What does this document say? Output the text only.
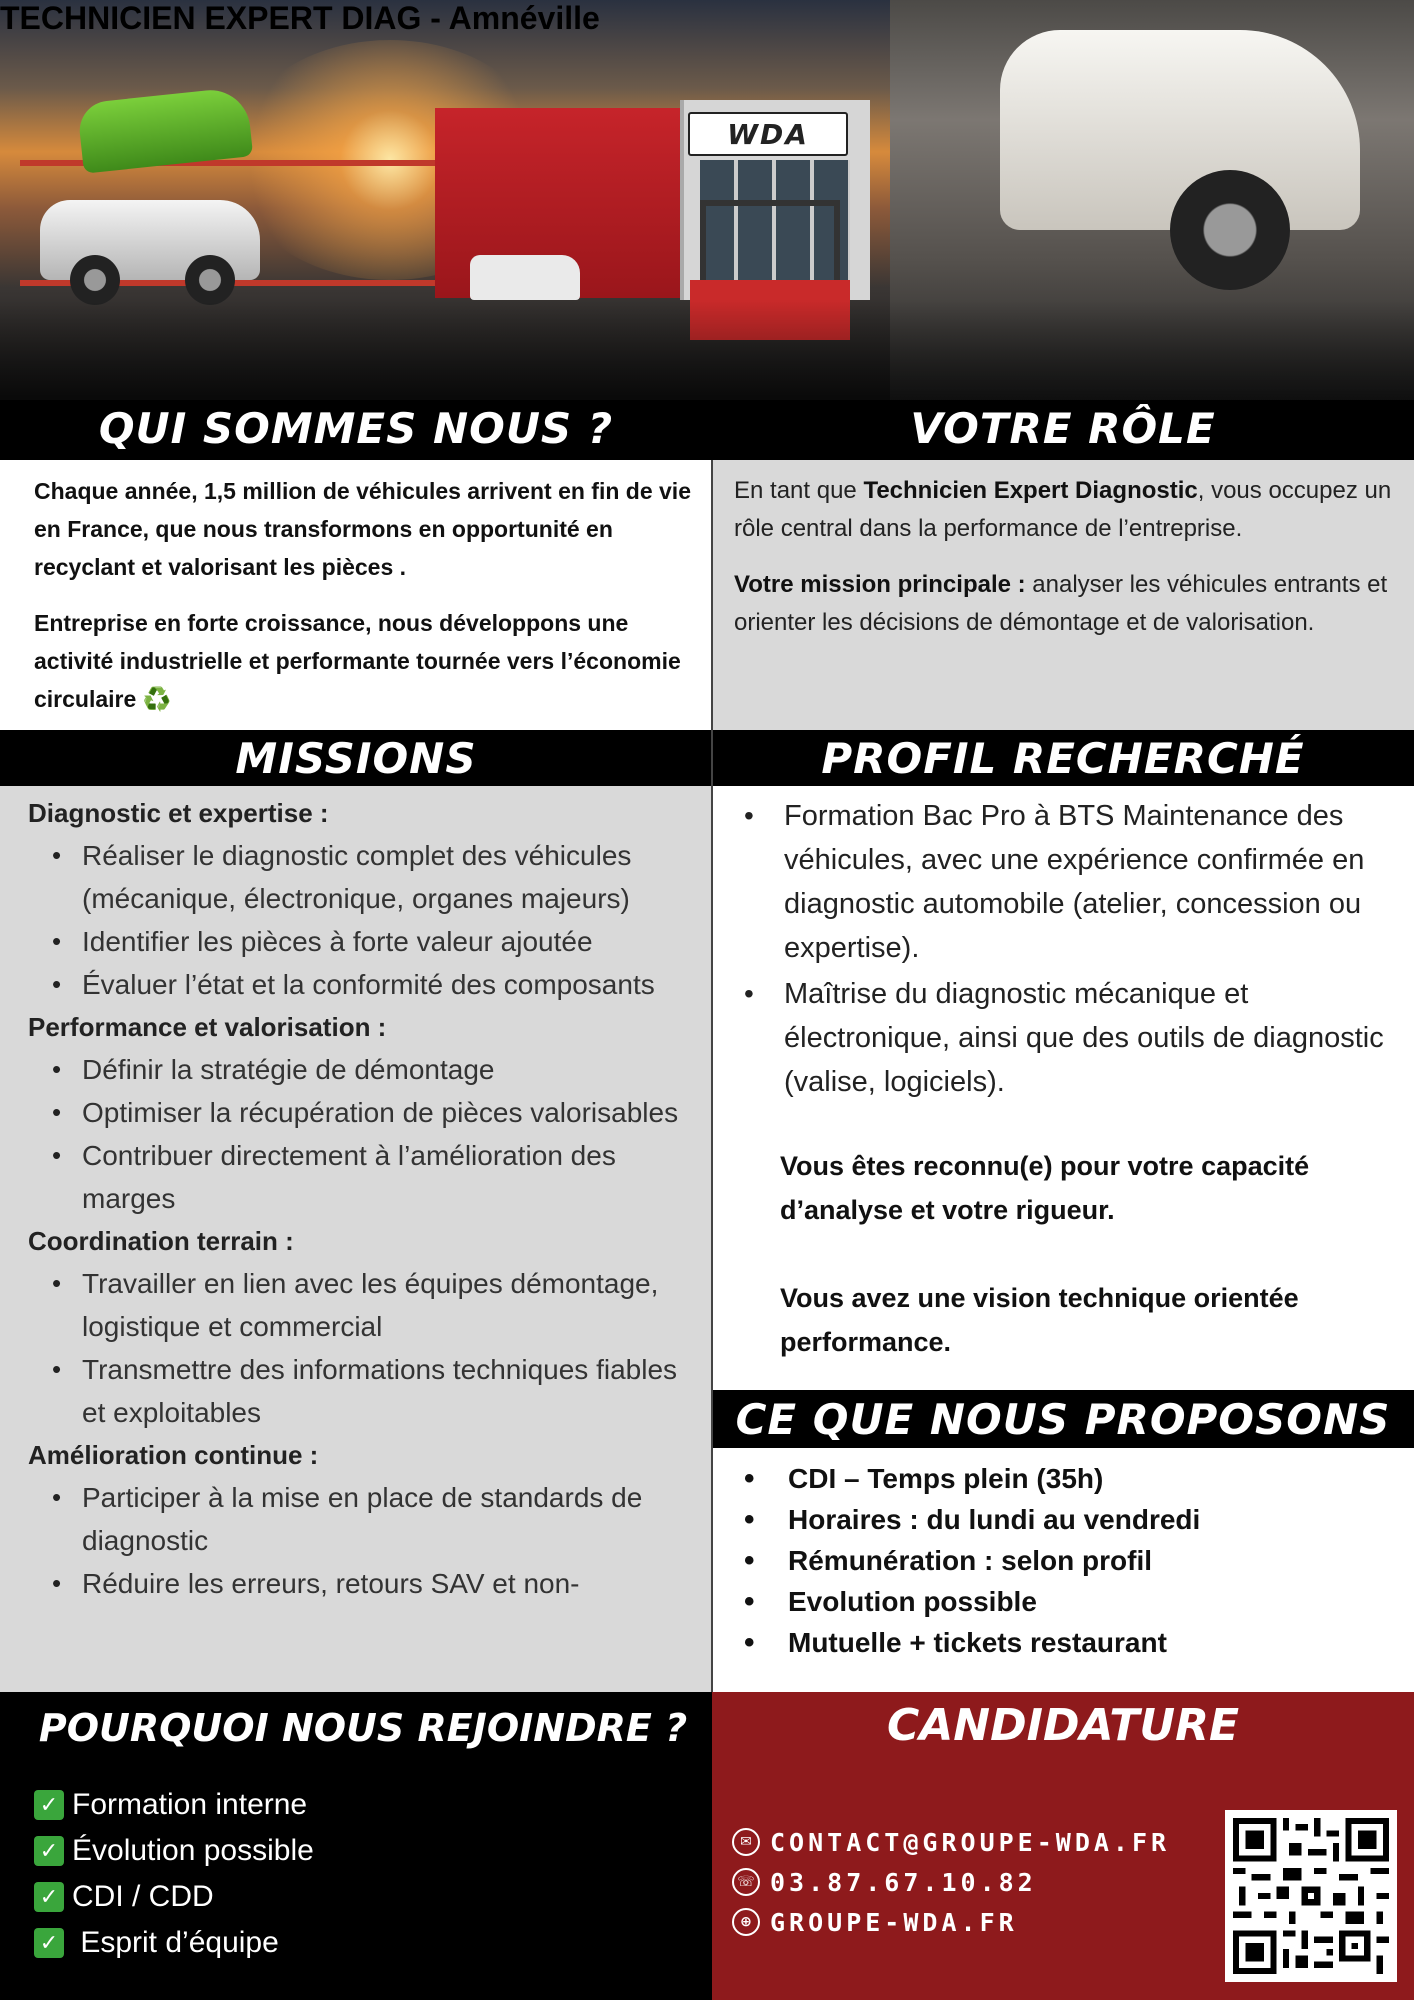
WDA
TECHNICIEN EXPERT DIAG - Amnéville
QUI SOMMES NOUS ?	VOTRE RÔLE
MISSIONS	PROFIL RECHERCHÉ
CE QUE NOUS PROPOSONS

Chaque année, 1,5 million de véhicules arrivent en fin de vie en France, que nous transformons en opportunité en recyclant et valorisant les pièces .

Entreprise en forte croissance, nous développons une activité industrielle et performante tournée vers l’économie circulaire ♻️

En tant que Technicien Expert Diagnostic, vous occupez un rôle central dans la performance de l’entreprise.

Votre mission principale : analyser les véhicules entrants et orienter les décisions de démontage et de valorisation.

Diagnostic et expertise :
• Réaliser le diagnostic complet des véhicules (mécanique, électronique, organes majeurs)
• Identifier les pièces à forte valeur ajoutée
• Évaluer l’état et la conformité des composants
Performance et valorisation :
• Définir la stratégie de démontage
• Optimiser la récupération de pièces valorisables
• Contribuer directement à l’amélioration des marges
Coordination terrain :
• Travailler en lien avec les équipes démontage, logistique et commercial
• Transmettre des informations techniques fiables et exploitables
Amélioration continue :
• Participer à la mise en place de standards de diagnostic
• Réduire les erreurs, retours SAV et non-
• Formation Bac Pro à BTS Maintenance des véhicules, avec une expérience confirmée en diagnostic automobile (atelier, concession ou expertise).
• Maîtrise du diagnostic mécanique et électronique, ainsi que des outils de diagnostic (valise, logiciels).
Vous êtes reconnu(e) pour votre capacité d’analyse et votre rigueur.
Vous avez une vision technique orientée performance.
• CDI – Temps plein (35h)
• Horaires : du lundi au vendredi
• Rémunération : selon profil
• Evolution possible
• Mutuelle + tickets restaurant
POURQUOI NOUS REJOINDRE ?
✓ Formation interne
✓ Évolution possible
✓ CDI / CDD
✓ Esprit d’équipe
CANDIDATURE
✉ CONTACT@GROUPE-WDA.FR
☏ 03.87.67.10.82
⊕ GROUPE-WDA.FR
